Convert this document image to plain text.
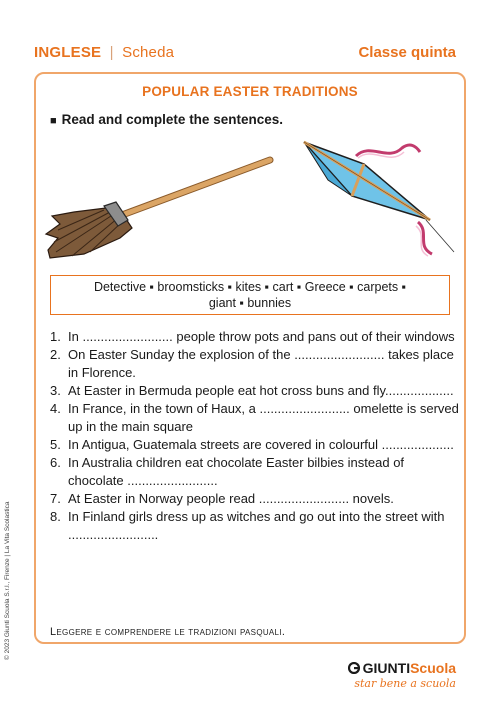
INGLESE | Scheda	Classe quinta
POPULAR EASTER TRADITIONS
■ Read and complete the sentences.
Detective ▪ broomsticks ▪ kites ▪ cart ▪ Greece ▪ carpets ▪
giant ▪ bunnies
1. In ......................... people throw pots and pans out of their windows
2. On Easter Sunday the explosion of the ......................... takes place in Florence.
3. At Easter in Bermuda people eat hot cross buns and fly...................
4. In France, in the town of Haux, a ......................... omelette is served up in the main square
5. In Antigua, Guatemala streets are covered in colourful ....................
6. In Australia children eat chocolate Easter bilbies instead of chocolate .........................
7. At Easter in Norway people read ......................... novels.
8. In Finland girls dress up as witches and go out into the street with .........................
Leggere e comprendere le tradizioni pasquali.
© 2023 Giunti Scuola S.r.l., Firenze | La Vita Scolastica
GIUNTI Scuola
star bene a scuola
